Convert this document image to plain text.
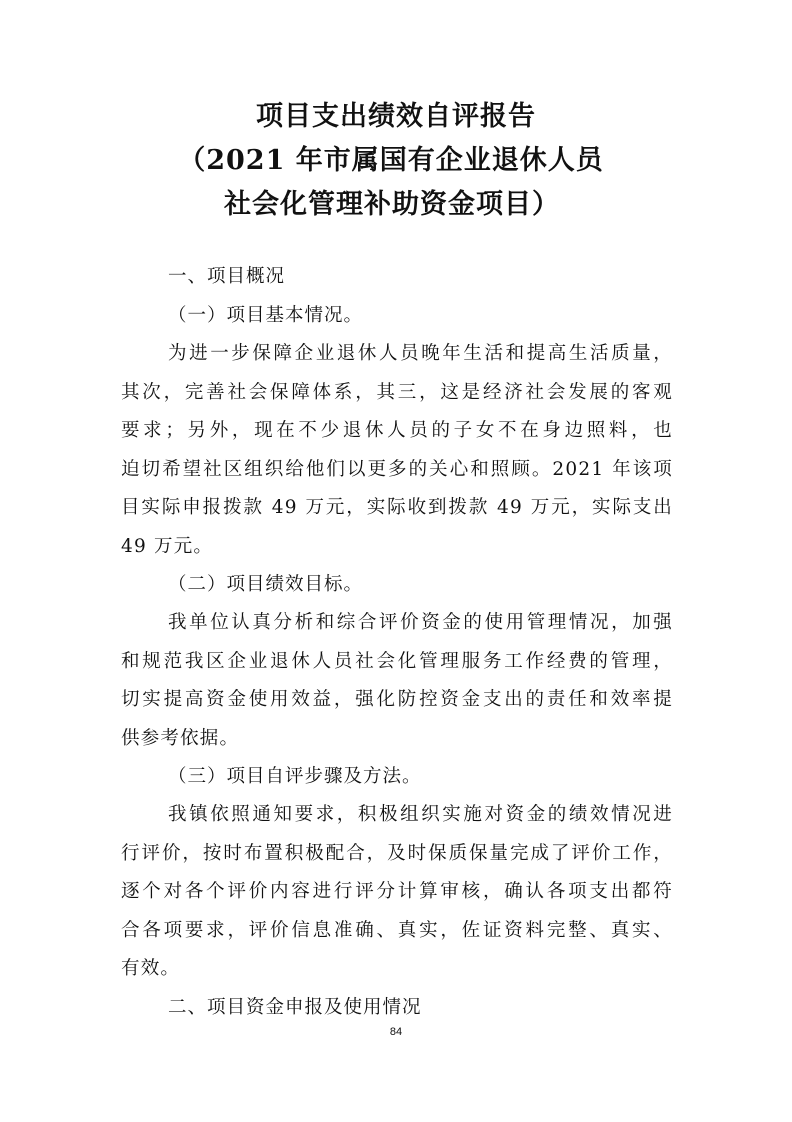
项目支出绩效自评报告
（2021 年市属国有企业退休人员
社会化管理补助资金项目）
一、项目概况
（一）项目基本情况。
为进一步保障企业退休人员晚年生活和提高生活质量，
其次，完善社会保障体系，其三，这是经济社会发展的客观
要求；另外，现在不少退休人员的子女不在身边照料，也
迫切希望社区组织给他们以更多的关心和照顾。2021 年该项
目实际申报拨款 49 万元，实际收到拨款 49 万元，实际支出
49 万元。
（二）项目绩效目标。
我单位认真分析和综合评价资金的使用管理情况，加强
和规范我区企业退休人员社会化管理服务工作经费的管理，
切实提高资金使用效益，强化防控资金支出的责任和效率提
供参考依据。
（三）项目自评步骤及方法。
我镇依照通知要求，积极组织实施对资金的绩效情况进
行评价，按时布置积极配合，及时保质保量完成了评价工作，
逐个对各个评价内容进行评分计算审核，确认各项支出都符
合各项要求，评价信息准确、真实，佐证资料完整、真实、
有效。
二、项目资金申报及使用情况
84
